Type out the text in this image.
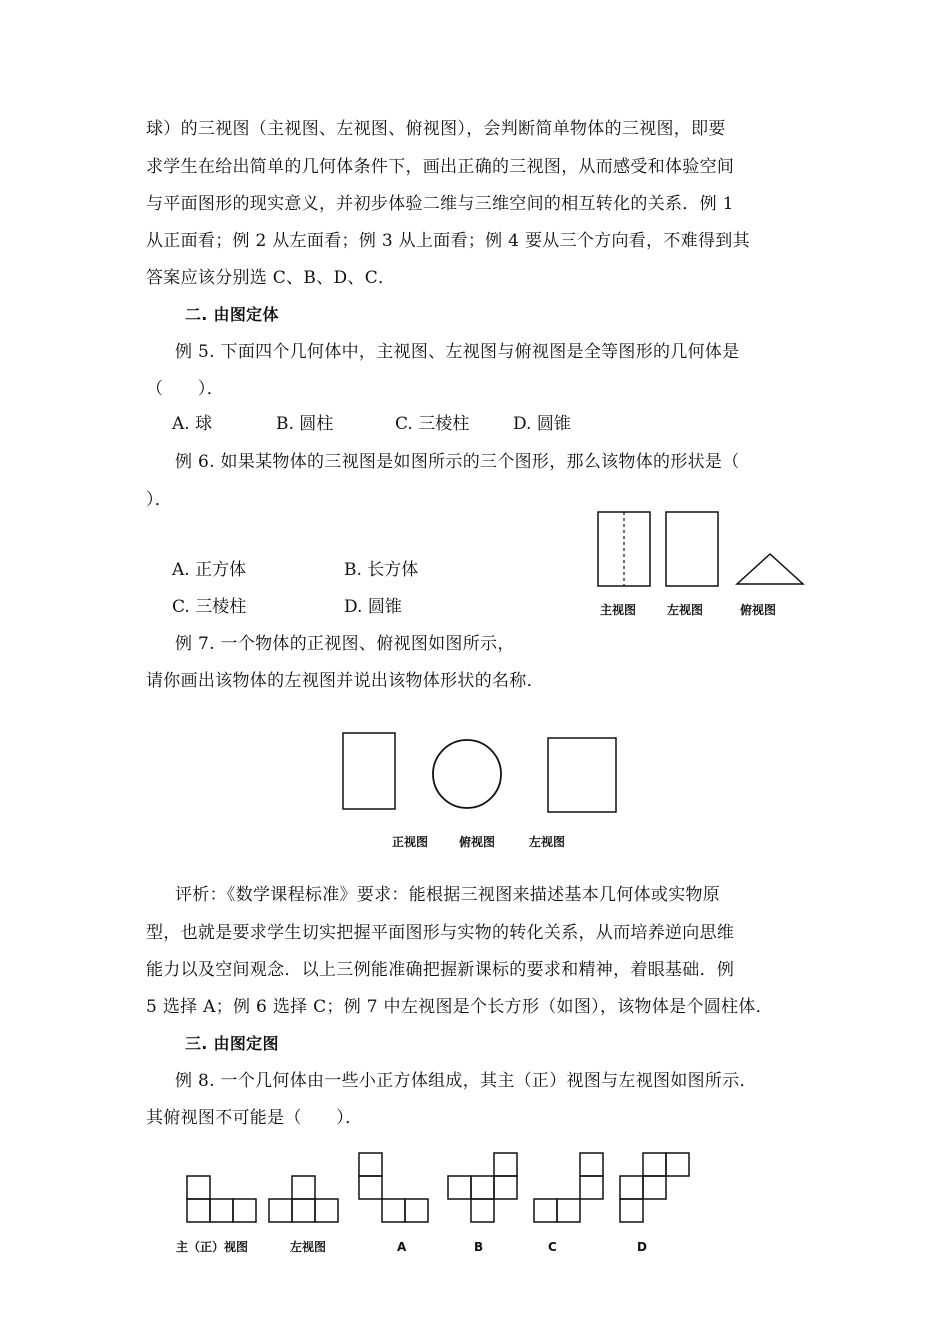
球）的三视图（主视图、左视图、俯视图），会判断简单物体的三视图，即要
求学生在给出简单的几何体条件下，画出正确的三视图，从而感受和体验空间
与平面图形的现实意义，并初步体验二维与三维空间的相互转化的关系．例 1
从正面看；例 2 从左面看；例 3 从上面看；例 4 要从三个方向看，不难得到其
答案应该分别选 C、B、D、C．
二. 由图定体
例 5. 下面四个几何体中，主视图、左视图与俯视图是全等图形的几何体是
（　　）．
A. 球	B. 圆柱	C. 三棱柱	D. 圆锥
例 6. 如果某物体的三视图是如图所示的三个图形，那么该物体的形状是（
）．
A. 正方体	B. 长方体
C. 三棱柱	D. 圆锥	主视图	左视图	俯视图
例 7. 一个物体的正视图、俯视图如图所示，
请你画出该物体的左视图并说出该物体形状的名称．
正视图	俯视图	左视图
评析：《数学课程标准》要求：能根据三视图来描述基本几何体或实物原
型，也就是要求学生切实把握平面图形与实物的转化关系，从而培养逆向思维
能力以及空间观念．以上三例能准确把握新课标的要求和精神，着眼基础．例
5 选择 A；例 6 选择 C；例 7 中左视图是个长方形（如图），该物体是个圆柱体．
三. 由图定图
例 8. 一个几何体由一些小正方体组成，其主（正）视图与左视图如图所示．
其俯视图不可能是（　　）．
主（正）视图	左视图	A	B	C	D
